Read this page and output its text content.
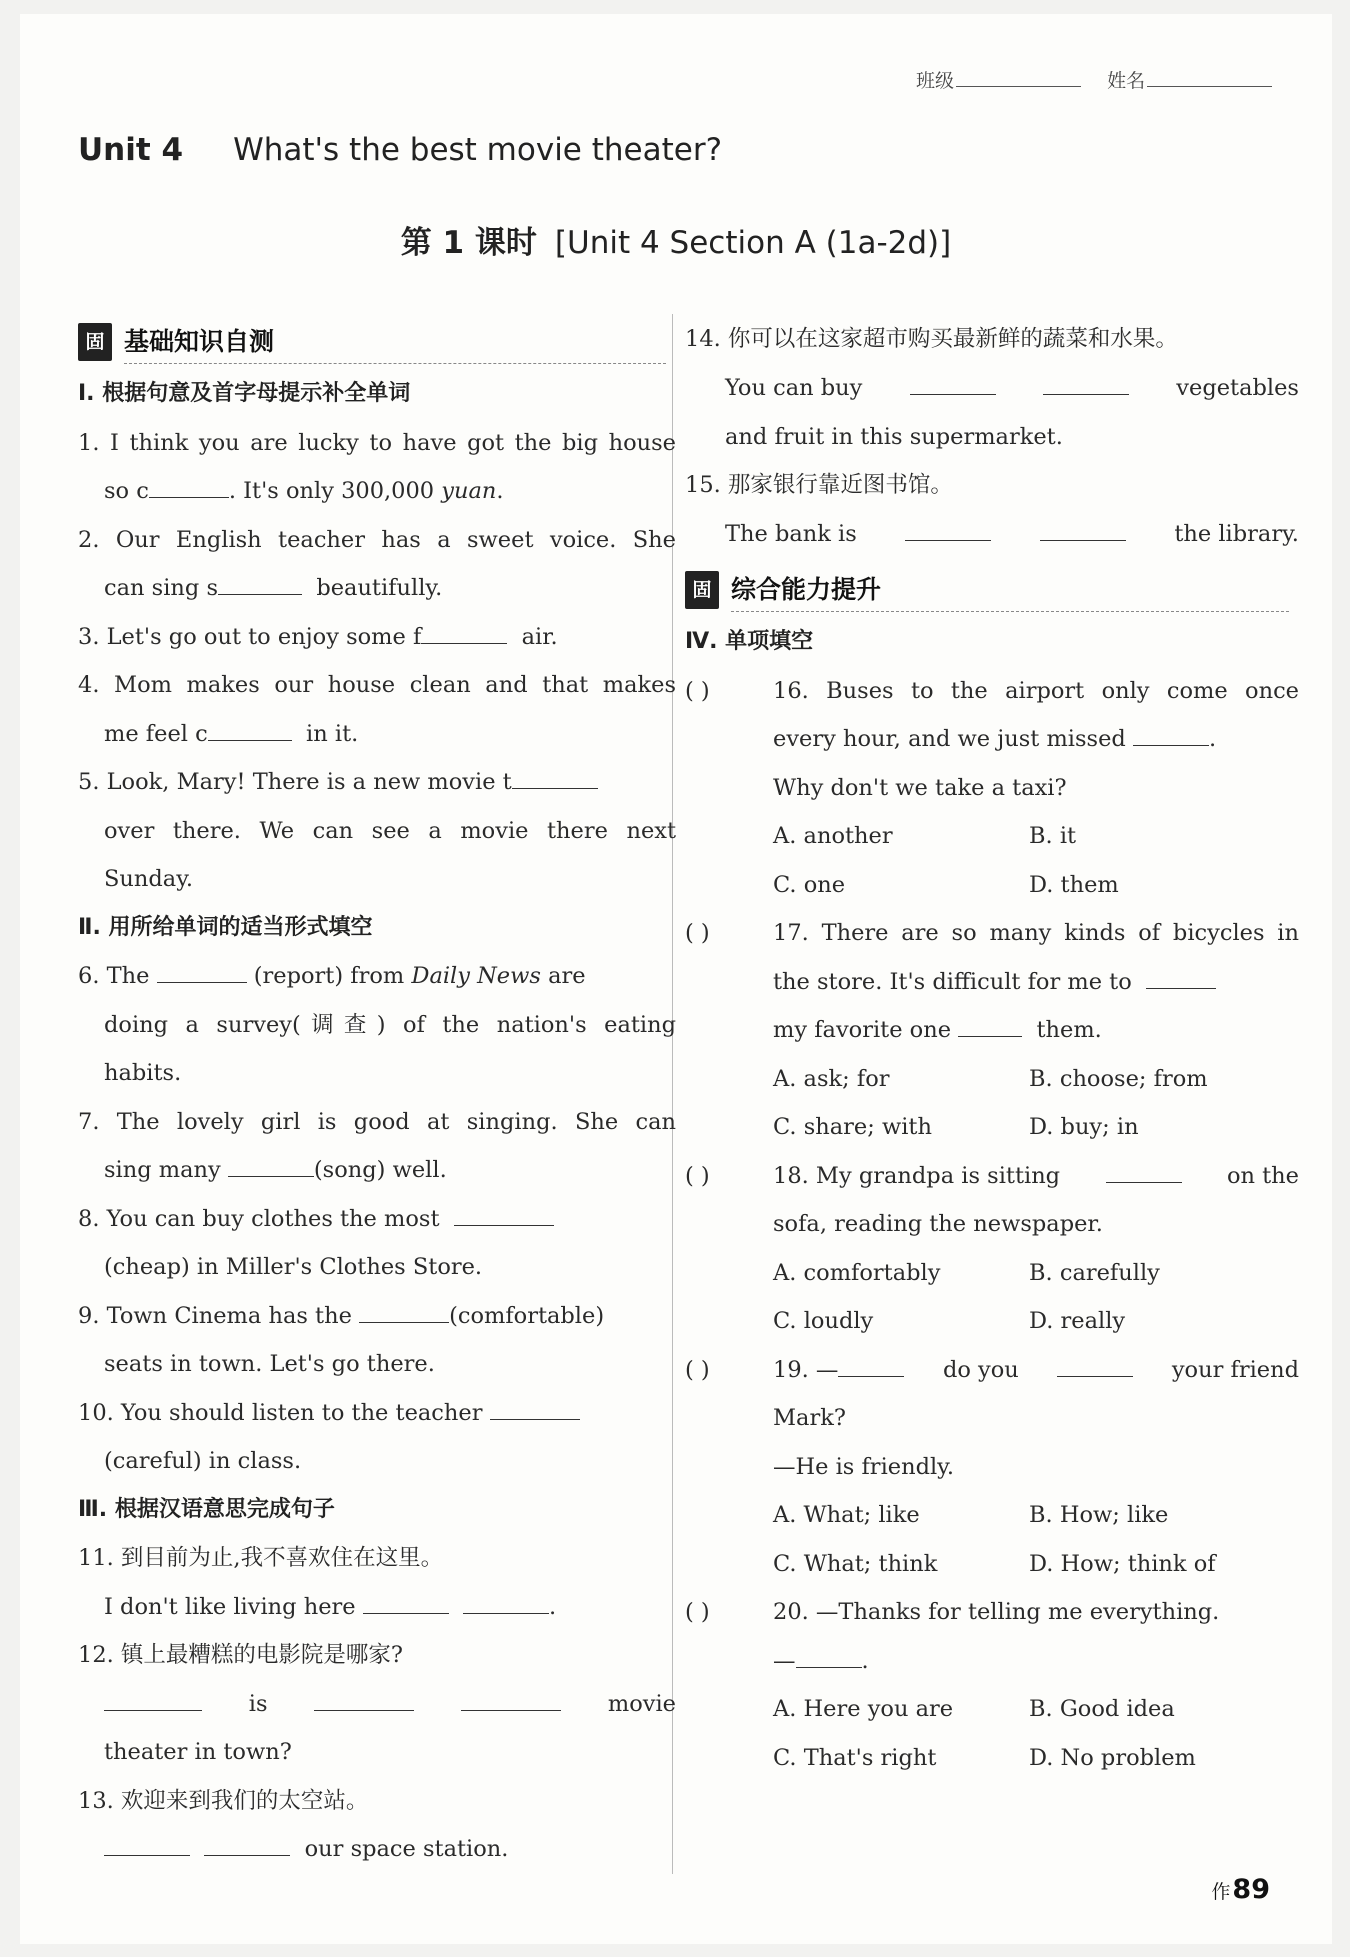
班级	姓名
Unit 4 What's the best movie theater?
第 1 课时 [Unit 4 Section A (1a-2d)]
固 基础知识自测
Ⅰ. 根据句意及首字母提示补全单词
1. I think you are lucky to have got the big house
so c	. It's only 300,000 yuan.
2. Our English teacher has a sweet voice. She
can sing s	beautifully.
3. Let's go out to enjoy some f	air.
4. Mom makes our house clean and that makes
me feel c	in it.
5. Look, Mary! There is a new movie t
over there. We can see a movie there next
Sunday.
Ⅱ. 用所给单词的适当形式填空
6. The	(report) from Daily News are
doing a survey(调查) of the nation's eating
habits.
7. The lovely girl is good at singing. She can
sing many	(song) well.
8. You can buy clothes the most
(cheap) in Miller's Clothes Store.
9. Town Cinema has the	(comfortable)
seats in town. Let's go there.
10. You should listen to the teacher
(careful) in class.
Ⅲ. 根据汉语意思完成句子
11. 到目前为止,我不喜欢住在这里。
I don't like living here	.
12. 镇上最糟糕的电影院是哪家?
is	movie
theater in town?
13. 欢迎来到我们的太空站。
our space station.
14. 你可以在这家超市购买最新鲜的蔬菜和水果。
You can buy	vegetables
and fruit in this supermarket.
15. 那家银行靠近图书馆。
The bank is	the library.
固 综合能力提升
Ⅳ. 单项填空
( )	16. Buses to the airport only come once
every hour, and we just missed	.
Why don't we take a taxi?
A. another	B. it
C. one	D. them
( )	17. There are so many kinds of bicycles in
the store. It's difficult for me to
my favorite one	them.
A. ask; for	B. choose; from
C. share; with	D. buy; in
( )	18. My grandpa is sitting	on the
sofa, reading the newspaper.
A. comfortably	B. carefully
C. loudly	D. really
( )	19. —	do you	your friend
Mark?
—He is friendly.
A. What; like	B. How; like
C. What; think	D. How; think of
( )	20. —Thanks for telling me everything.
—	.
A. Here you are	B. Good idea
C. That's right	D. No problem
作89
